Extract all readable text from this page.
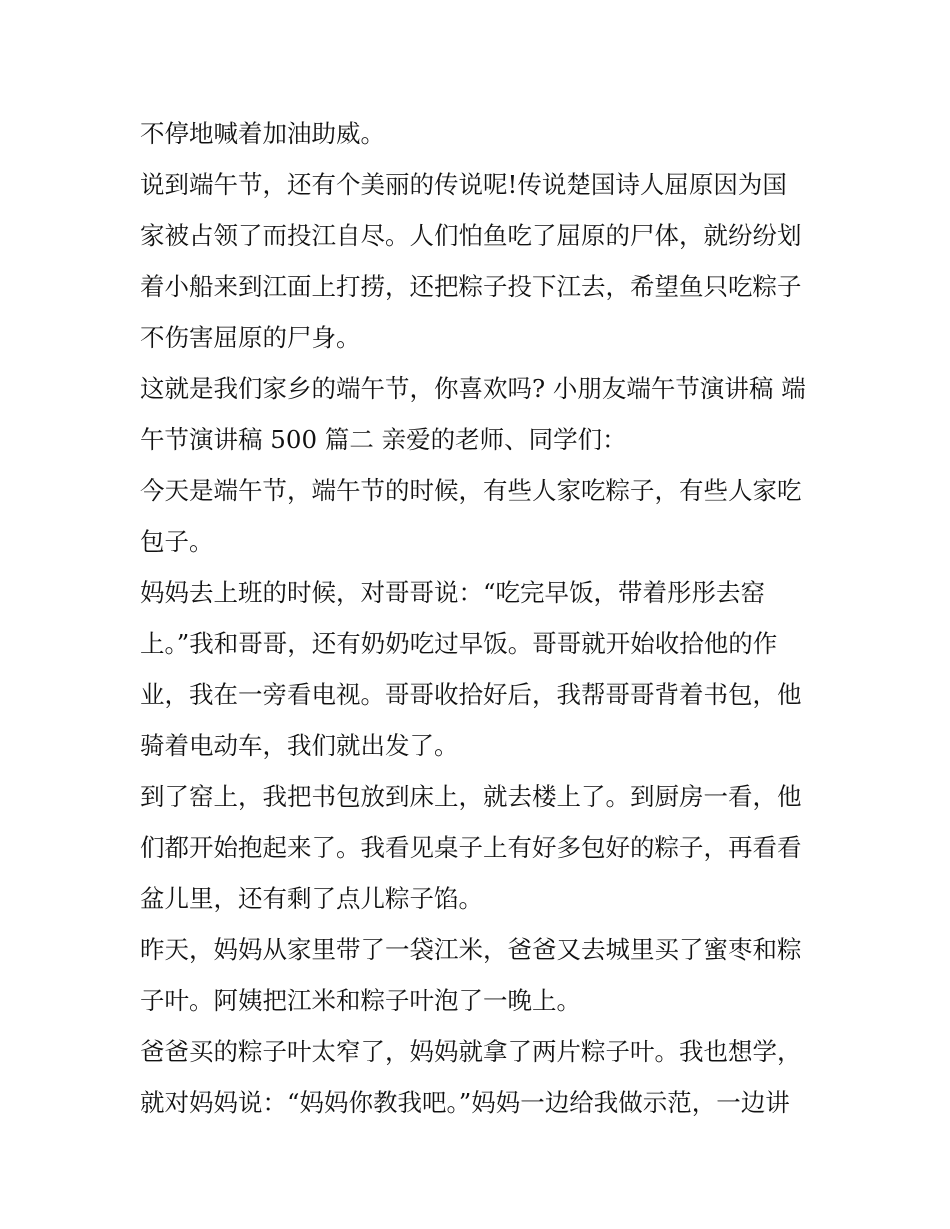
不停地喊着加油助威。
说到端午节，还有个美丽的传说呢!传说楚国诗人屈原因为国
家被占领了而投江自尽。人们怕鱼吃了屈原的尸体，就纷纷划
着小船来到江面上打捞，还把粽子投下江去，希望鱼只吃粽子
不伤害屈原的尸身。
这就是我们家乡的端午节，你喜欢吗? 小朋友端午节演讲稿 端
午节演讲稿 500 篇二 亲爱的老师、同学们：
今天是端午节，端午节的时候，有些人家吃粽子，有些人家吃
包子。
妈妈去上班的时候，对哥哥说：“吃完早饭，带着彤彤去窑
上。”我和哥哥，还有奶奶吃过早饭。哥哥就开始收拾他的作
业，我在一旁看电视。哥哥收拾好后，我帮哥哥背着书包，他
骑着电动车，我们就出发了。
到了窑上，我把书包放到床上，就去楼上了。到厨房一看，他
们都开始抱起来了。我看见桌子上有好多包好的粽子，再看看
盆儿里，还有剩了点儿粽子馅。
昨天，妈妈从家里带了一袋江米，爸爸又去城里买了蜜枣和粽
子叶。阿姨把江米和粽子叶泡了一晚上。
爸爸买的粽子叶太窄了，妈妈就拿了两片粽子叶。我也想学，
就对妈妈说：“妈妈你教我吧。”妈妈一边给我做示范，一边讲
